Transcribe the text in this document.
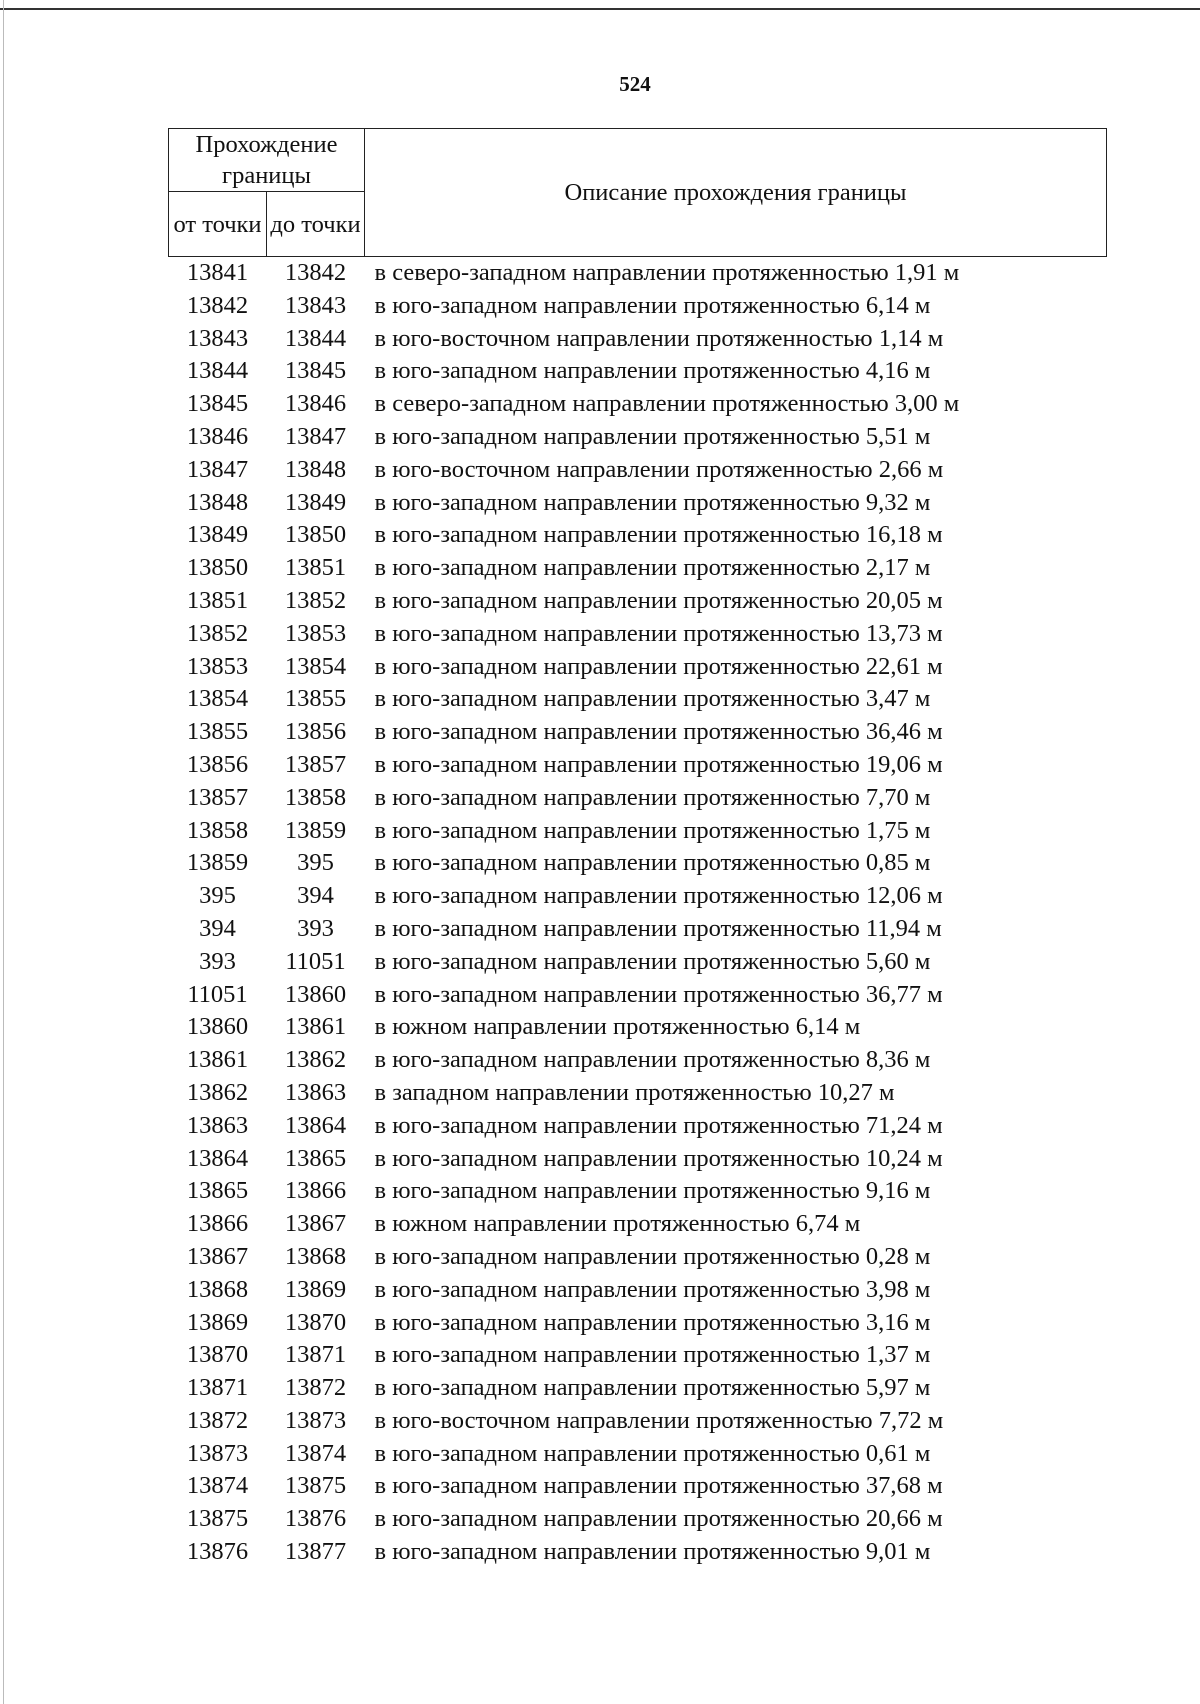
524
Прохождение границы		Описание прохождения границы
от точки	до точки	
13841	13842	в северо-западном направлении протяженностью 1,91 м
13842	13843	в юго-западном направлении протяженностью 6,14 м
13843	13844	в юго-восточном направлении протяженностью 1,14 м
13844	13845	в юго-западном направлении протяженностью 4,16 м
13845	13846	в северо-западном направлении протяженностью 3,00 м
13846	13847	в юго-западном направлении протяженностью 5,51 м
13847	13848	в юго-восточном направлении протяженностью 2,66 м
13848	13849	в юго-западном направлении протяженностью 9,32 м
13849	13850	в юго-западном направлении протяженностью 16,18 м
13850	13851	в юго-западном направлении протяженностью 2,17 м
13851	13852	в юго-западном направлении протяженностью 20,05 м
13852	13853	в юго-западном направлении протяженностью 13,73 м
13853	13854	в юго-западном направлении протяженностью 22,61 м
13854	13855	в юго-западном направлении протяженностью 3,47 м
13855	13856	в юго-западном направлении протяженностью 36,46 м
13856	13857	в юго-западном направлении протяженностью 19,06 м
13857	13858	в юго-западном направлении протяженностью 7,70 м
13858	13859	в юго-западном направлении протяженностью 1,75 м
13859	395	в юго-западном направлении протяженностью 0,85 м
395	394	в юго-западном направлении протяженностью 12,06 м
394	393	в юго-западном направлении протяженностью 11,94 м
393	11051	в юго-западном направлении протяженностью 5,60 м
11051	13860	в юго-западном направлении протяженностью 36,77 м
13860	13861	в южном направлении протяженностью 6,14 м
13861	13862	в юго-западном направлении протяженностью 8,36 м
13862	13863	в западном направлении протяженностью 10,27 м
13863	13864	в юго-западном направлении протяженностью 71,24 м
13864	13865	в юго-западном направлении протяженностью 10,24 м
13865	13866	в юго-западном направлении протяженностью 9,16 м
13866	13867	в южном направлении протяженностью 6,74 м
13867	13868	в юго-западном направлении протяженностью 0,28 м
13868	13869	в юго-западном направлении протяженностью 3,98 м
13869	13870	в юго-западном направлении протяженностью 3,16 м
13870	13871	в юго-западном направлении протяженностью 1,37 м
13871	13872	в юго-западном направлении протяженностью 5,97 м
13872	13873	в юго-восточном направлении протяженностью 7,72 м
13873	13874	в юго-западном направлении протяженностью 0,61 м
13874	13875	в юго-западном направлении протяженностью 37,68 м
13875	13876	в юго-западном направлении протяженностью 20,66 м
13876	13877	в юго-западном направлении протяженностью 9,01 м
